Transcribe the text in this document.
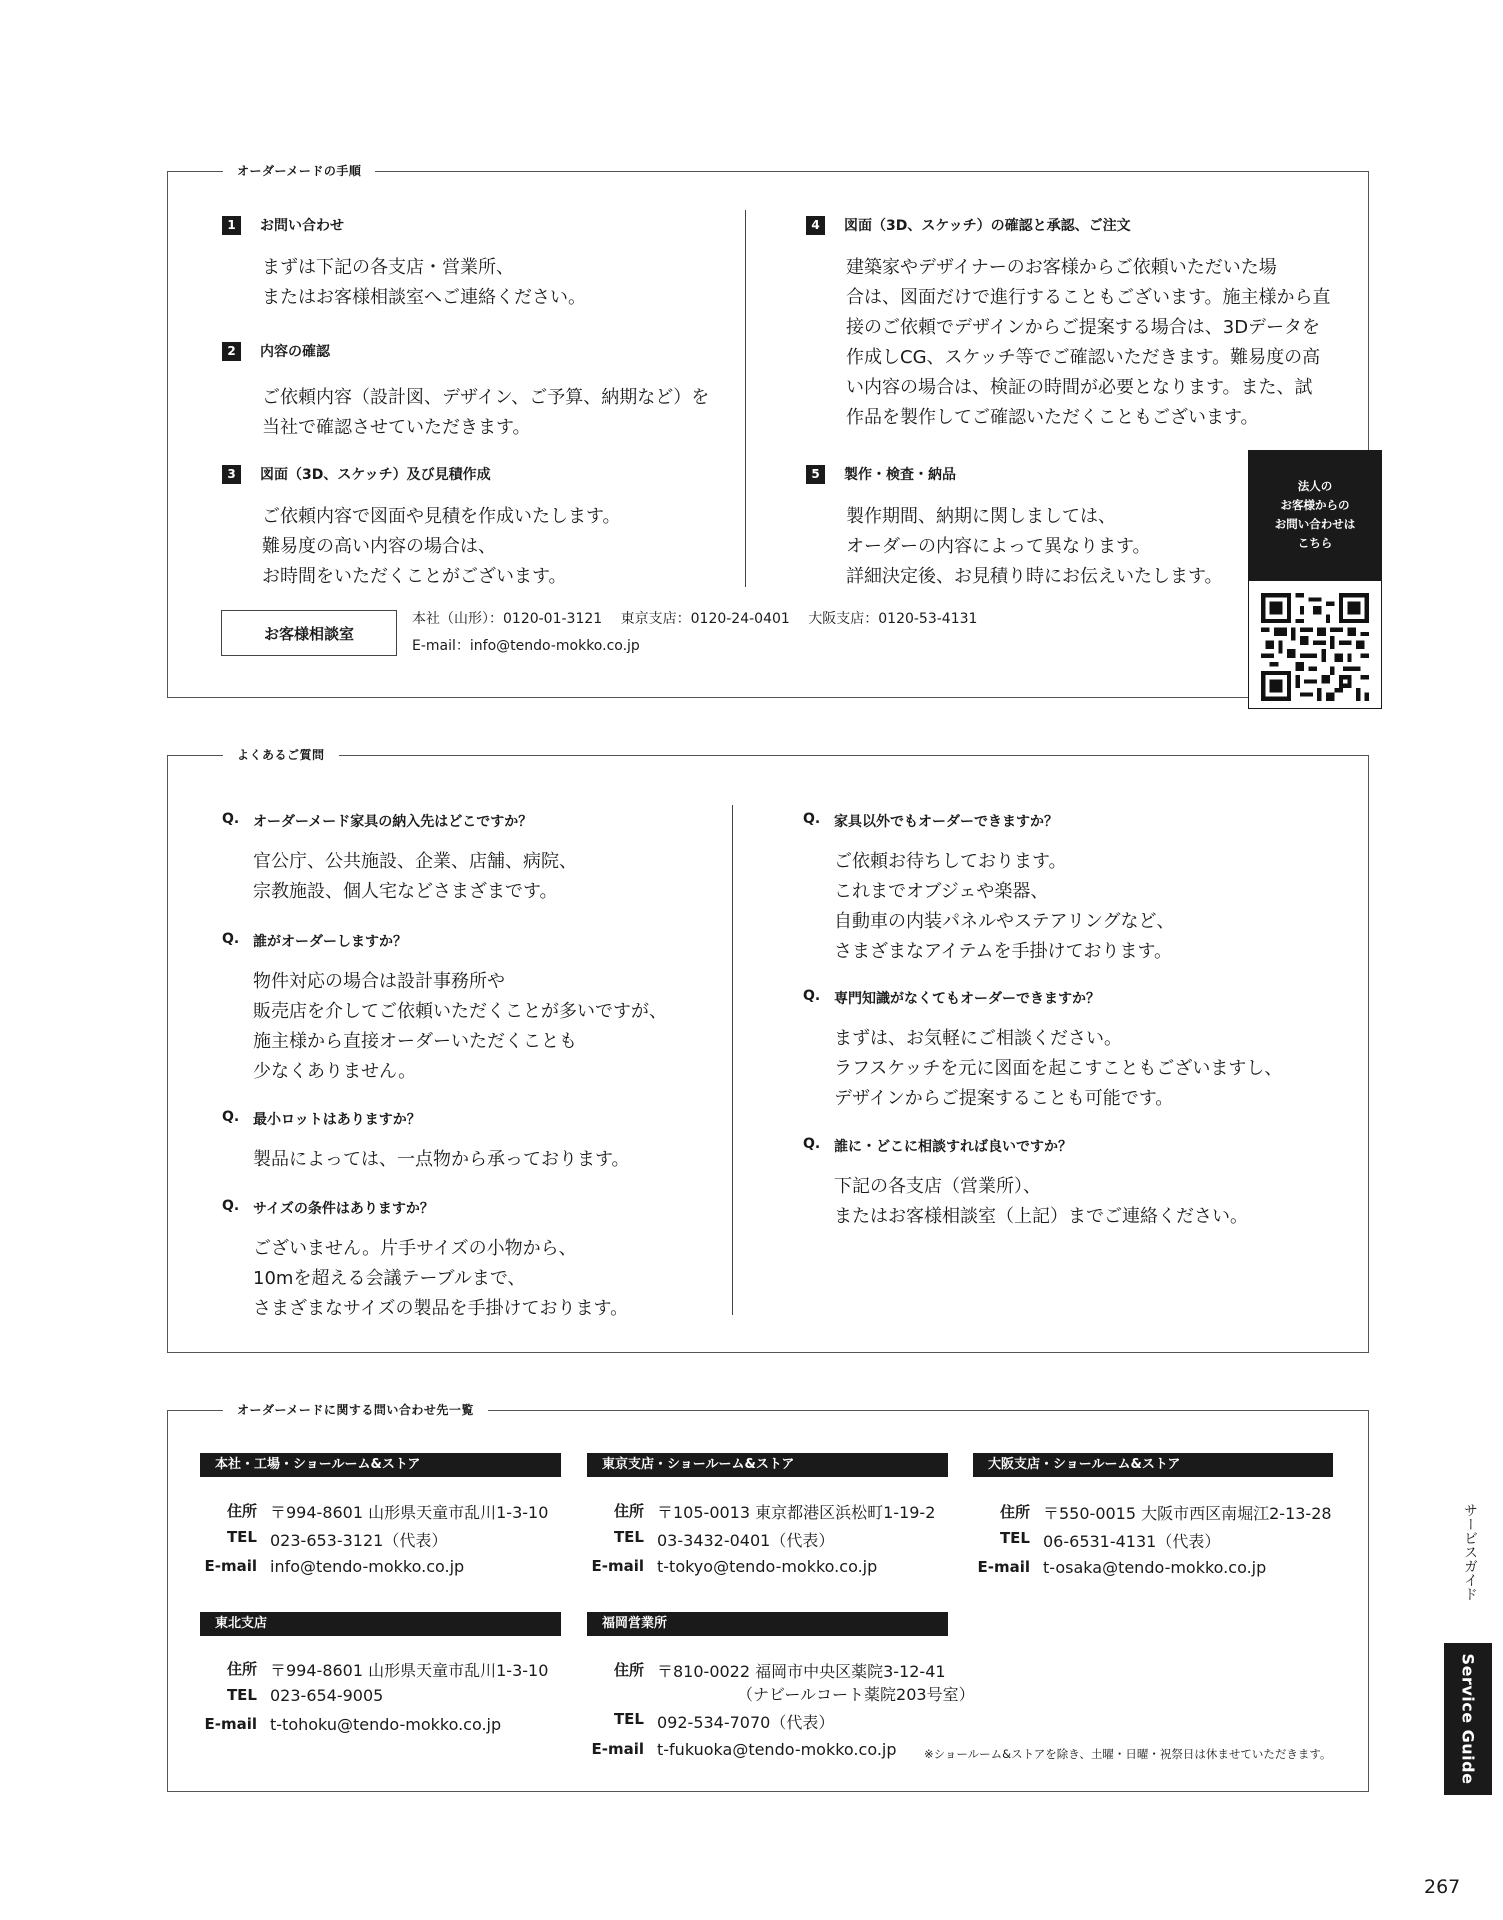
オーダーメードの手順
1	お問い合わせ
まずは下記の各支店・営業所、
またはお客様相談室へご連絡ください。
2	内容の確認
ご依頼内容（設計図、デザイン、ご予算、納期など）を
当社で確認させていただきます。
3	図面（3D、スケッチ）及び見積作成
ご依頼内容で図面や見積を作成いたします。
難易度の高い内容の場合は、
お時間をいただくことがございます。
4	図面（3D、スケッチ）の確認と承認、ご注文
建築家やデザイナーのお客様からご依頼いただいた場
合は、図面だけで進行することもございます。施主様から直
接のご依頼でデザインからご提案する場合は、3Dデータを
作成しCG、スケッチ等でご確認いただきます。難易度の高
い内容の場合は、検証の時間が必要となります。また、試
作品を製作してご確認いただくこともございます。
5	製作・検査・納品
製作期間、納期に関しましては、
オーダーの内容によって異なります。
詳細決定後、お見積り時にお伝えいたします。
お客様相談室
本社（山形）：0120-01-3121　 東京支店：0120-24-0401　 大阪支店：0120-53-4131
E-mail：info@tendo-mokko.co.jp
法人の
お客様からの
お問い合わせは
こちら
よくあるご質問
Q. オーダーメード家具の納入先はどこですか？
官公庁、公共施設、企業、店舗、病院、
宗教施設、個人宅などさまざまです。
Q. 誰がオーダーしますか？
物件対応の場合は設計事務所や
販売店を介してご依頼いただくことが多いですが、
施主様から直接オーダーいただくことも
少なくありません。
Q. 最小ロットはありますか？
製品によっては、一点物から承っております。
Q. サイズの条件はありますか？
ございません。片手サイズの小物から、
10mを超える会議テーブルまで、
さまざまなサイズの製品を手掛けております。
Q. 家具以外でもオーダーできますか？
ご依頼お待ちしております。
これまでオブジェや楽器、
自動車の内装パネルやステアリングなど、
さまざまなアイテムを手掛けております。
Q. 専門知識がなくてもオーダーできますか？
まずは、お気軽にご相談ください。
ラフスケッチを元に図面を起こすこともございますし、
デザインからご提案することも可能です。
Q. 誰に・どこに相談すれば良いですか？
下記の各支店（営業所）、
またはお客様相談室（上記）までご連絡ください。
オーダーメードに関する問い合わせ先一覧
本社・工場・ショールーム&ストア
住所 〒994-8601 山形県天童市乱川1-3-10
TEL 023-653-3121（代表）
E-mail info@tendo-mokko.co.jp
東京支店・ショールーム&ストア
住所 〒105-0013 東京都港区浜松町1-19-2
TEL 03-3432-0401（代表）
E-mail t-tokyo@tendo-mokko.co.jp
大阪支店・ショールーム&ストア
住所 〒550-0015 大阪市西区南堀江2-13-28
TEL 06-6531-4131（代表）
E-mail t-osaka@tendo-mokko.co.jp
東北支店
住所 〒994-8601 山形県天童市乱川1-3-10
TEL 023-654-9005
E-mail t-tohoku@tendo-mokko.co.jp
福岡営業所
住所 〒810-0022 福岡市中央区薬院3-12-41
（ナビールコート薬院203号室）
TEL 092-534-7070（代表）
E-mail t-fukuoka@tendo-mokko.co.jp ※ショールーム&ストアを除き、土曜・日曜・祝祭日は休ませていただきます。
サービスガイド
Service Guide
267
